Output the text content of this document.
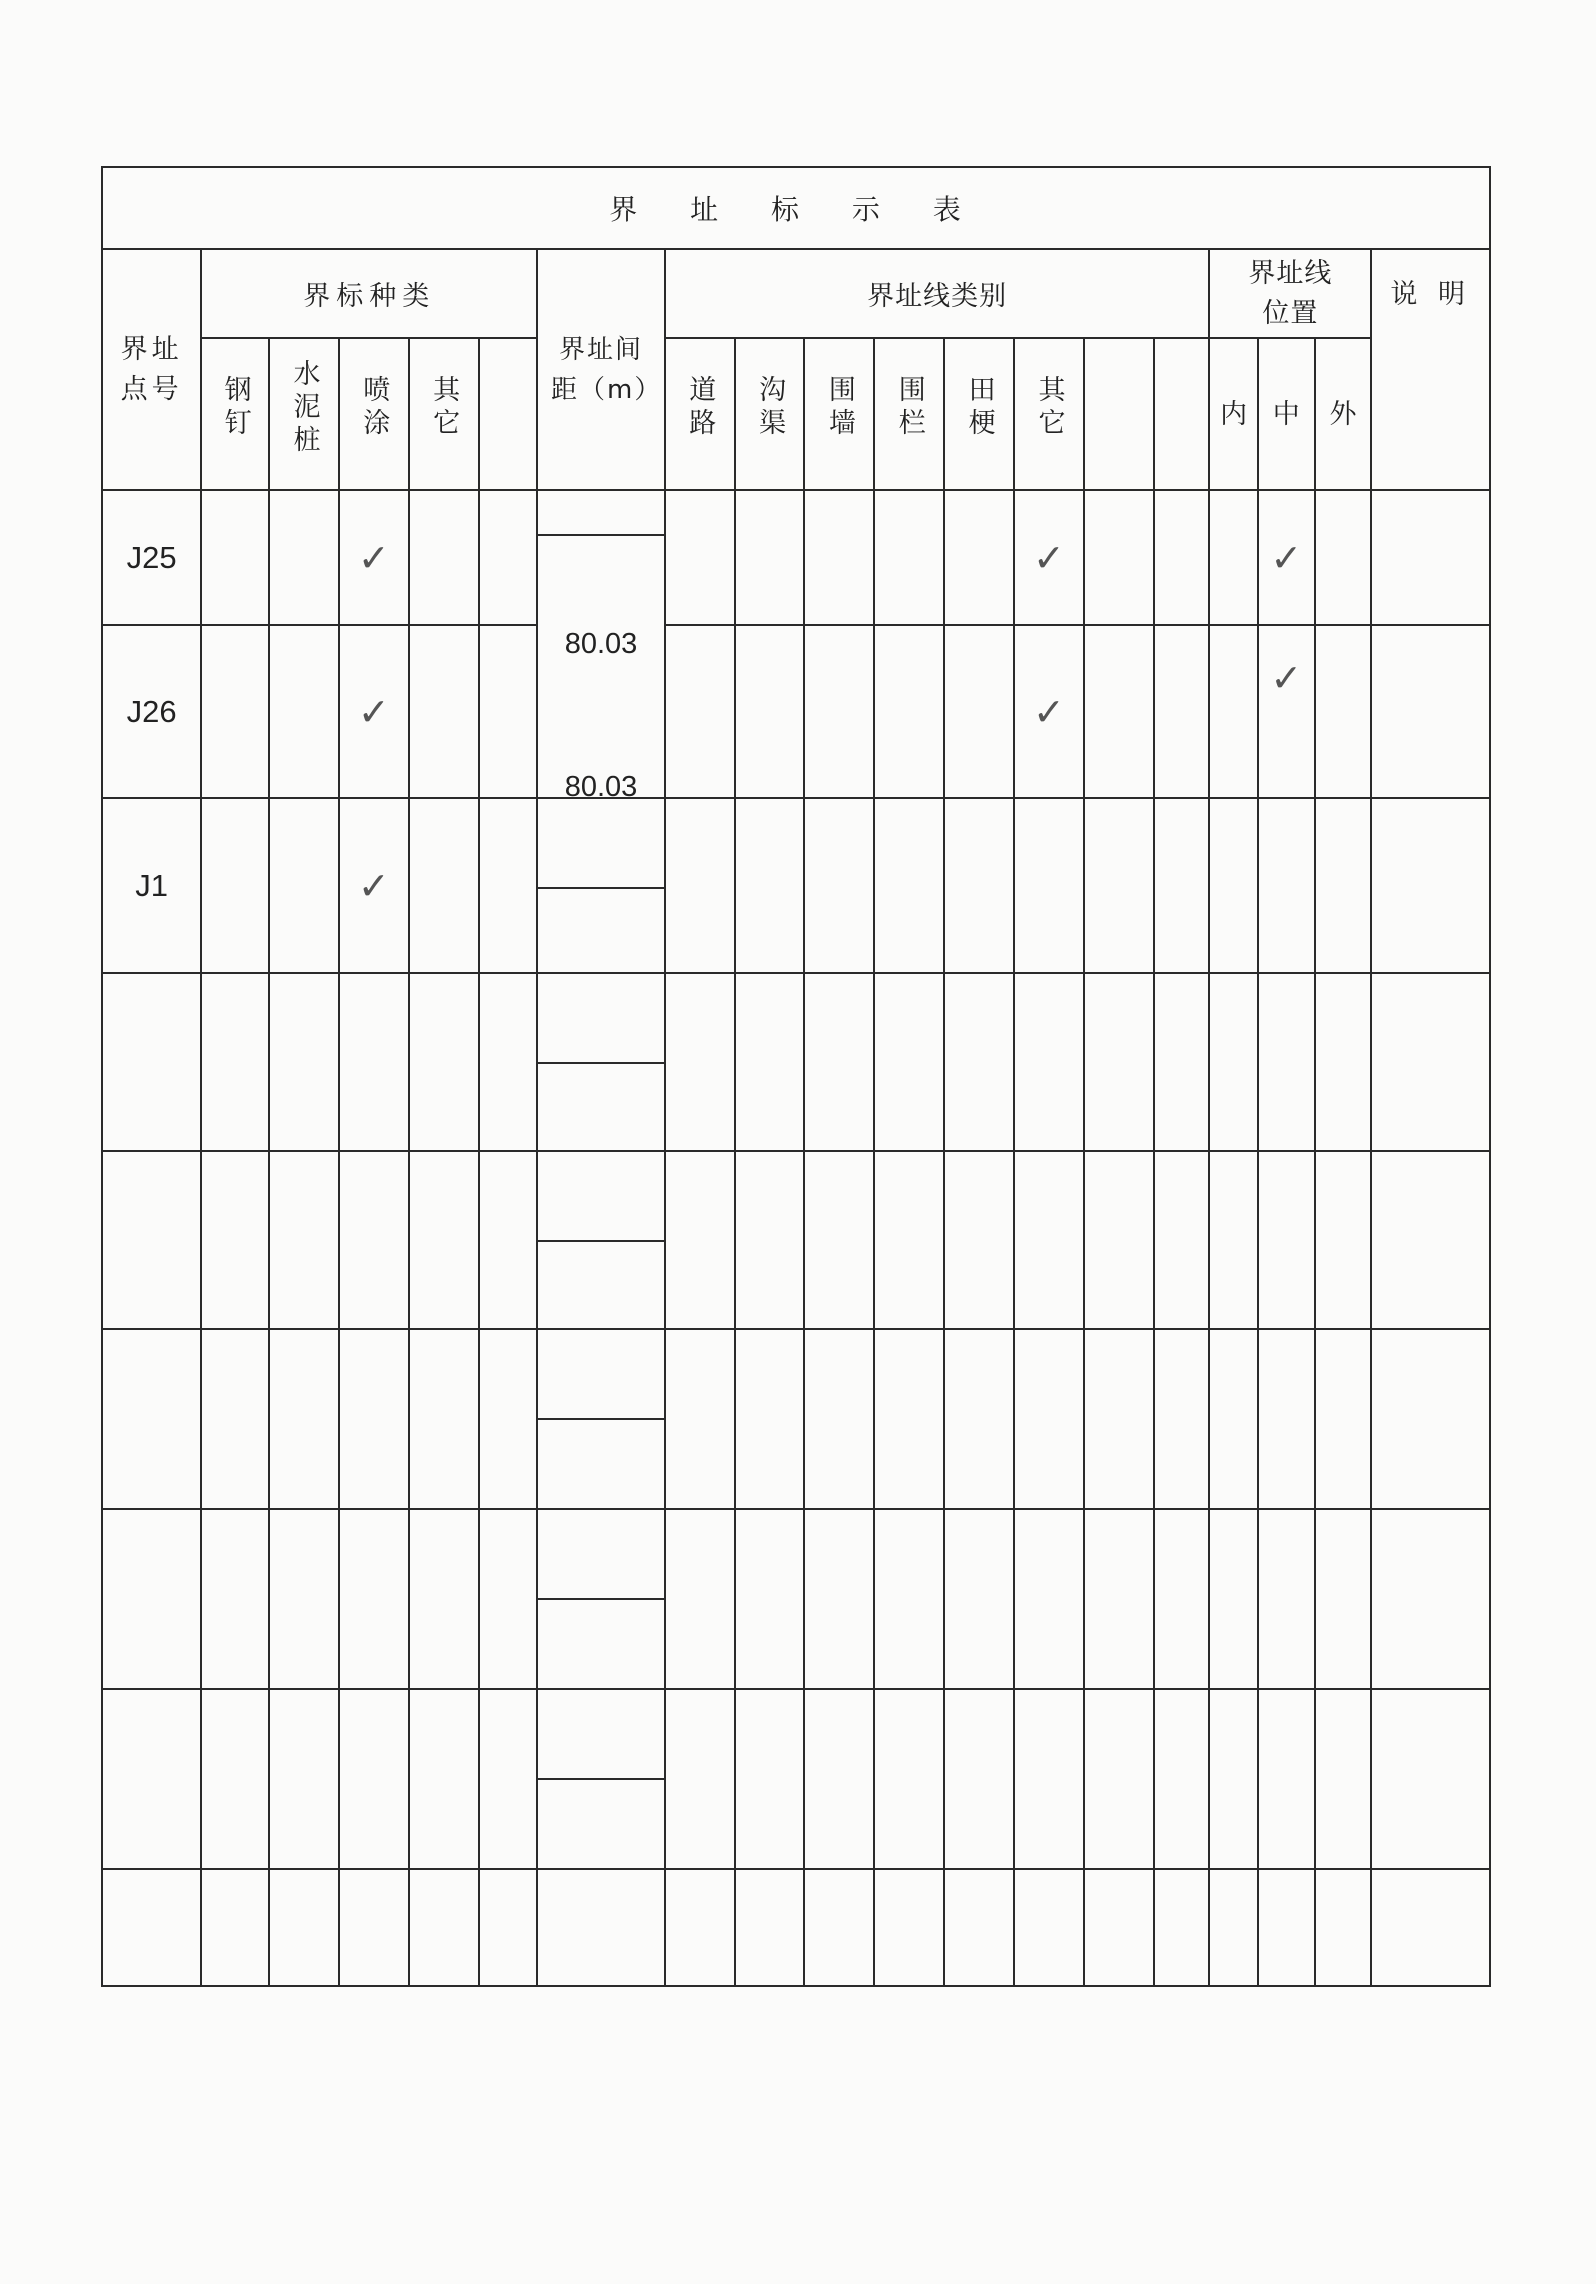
界 址 标 示 表																		
界址点号	界标种类					界址间距（m）	界址线类别								界址线位置			说 明
	钢钉	水泥桩	喷涂	其它			道路	沟渠	围墙	围栏	田梗	其它			内	中	外	
J25			✓			80.03						✓				✓		
J26			✓									✓				✓		
J1			✓			80.03												
